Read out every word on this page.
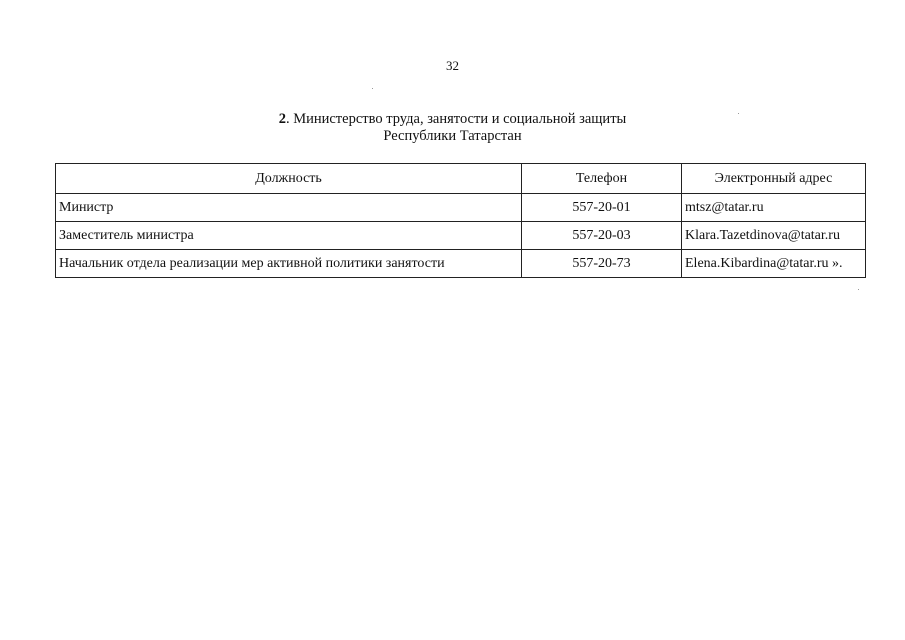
32
2. Министерство труда, занятости и социальной защиты
Республики Татарстан
Должность	Телефон	Электронный адрес
Министр	557-20-01	mtsz@tatar.ru
Заместитель министра	557-20-03	Klara.Tazetdinova@tatar.ru
Начальник отдела реализации мер активной политики занятости	557-20-73	Elena.Kibardina@tatar.ru ».
